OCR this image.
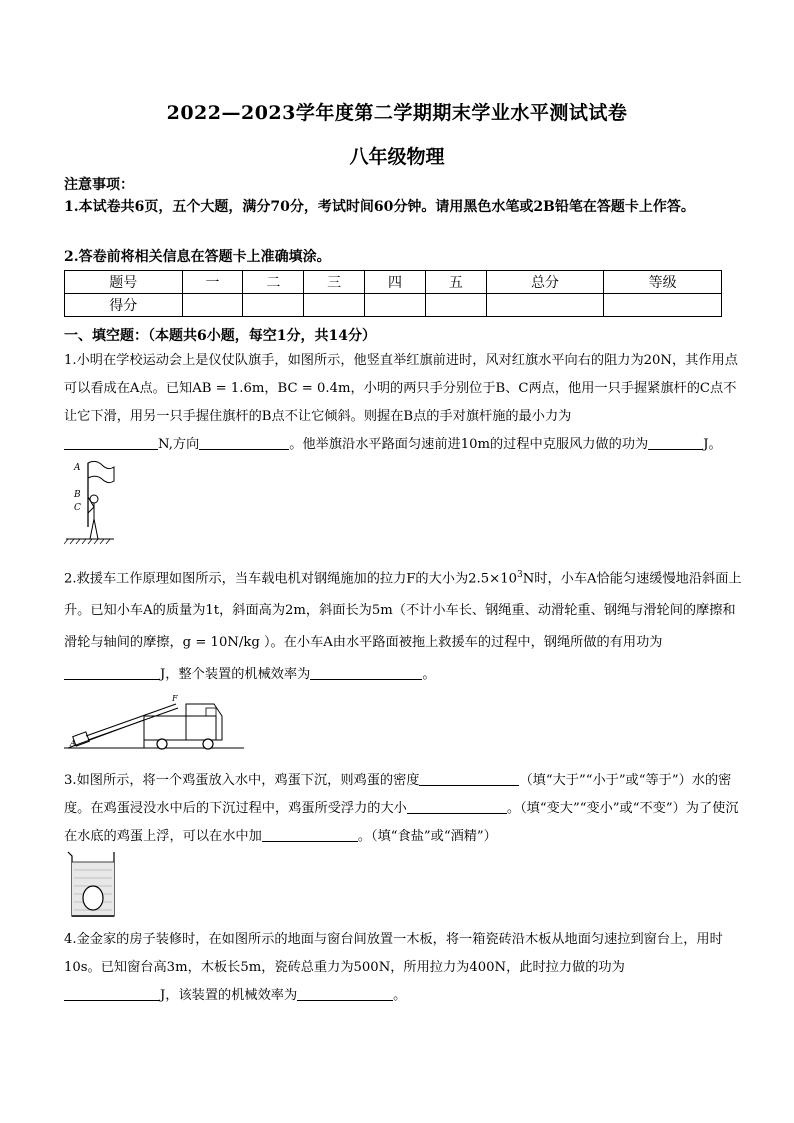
2022—2023学年度第二学期期末学业水平测试试卷
八年级物理
注意事项：
1.本试卷共6页，五个大题，满分70分，考试时间60分钟。请用黑色水笔或2B铅笔在答题卡上作答。
2.答卷前将相关信息在答题卡上准确填涂。
题号	一	二	三	四	五	总分	等级
得分							
一、填空题：（本题共6小题，每空1分，共14分）
1.小明在学校运动会上是仪仗队旗手，如图所示，他竖直举红旗前进时，风对红旗水平向右的阻力为20N，其作用点可以看成在A点。已知AB = 1.6m，BC = 0.4m，小明的两只手分别位于B、C两点，他用一只手握紧旗杆的C点不让它下滑，用另一只手握住旗杆的B点不让它倾斜。则握在B点的手对旗杆施的最小力为
N,方向	。他举旗沿水平路面匀速前进10m的过程中克服风力做的功为	J。
A
B
C
2.救援车工作原理如图所示，当车载电机对钢绳施加的拉力F的大小为$2.5\times 10^3N$时，小车A恰能匀速缓慢地沿斜面上升。已知小车A的质量为1t，斜面高为2m，斜面长为5m（不计小车长、钢绳重、动滑轮重、钢绳与滑轮间的摩擦和滑轮与轴间的摩擦，g = 10N/kg ）。在小车A由水平路面被拖上救援车的过程中，钢绳所做的有用功为J，整个装置的机械效率为	。
F
A
3.如图所示，将一个鸡蛋放入水中，鸡蛋下沉，则鸡蛋的密度	（填“大于”“小于”或“等于”）水的密度。在鸡蛋浸没水中后的下沉过程中，鸡蛋所受浮力的大小	。（填“变大”“变小”或“不变”）为了使沉在水底的鸡蛋上浮，可以在水中加	。（填“食盐”或“酒精”）
4.金金家的房子装修时，在如图所示的地面与窗台间放置一木板，将一箱瓷砖沿木板从地面匀速拉到窗台上，用时10s。已知窗台高3m，木板长5m，瓷砖总重力为500N，所用拉力为400N，此时拉力做的功为
J，该装置的机械效率为	。
